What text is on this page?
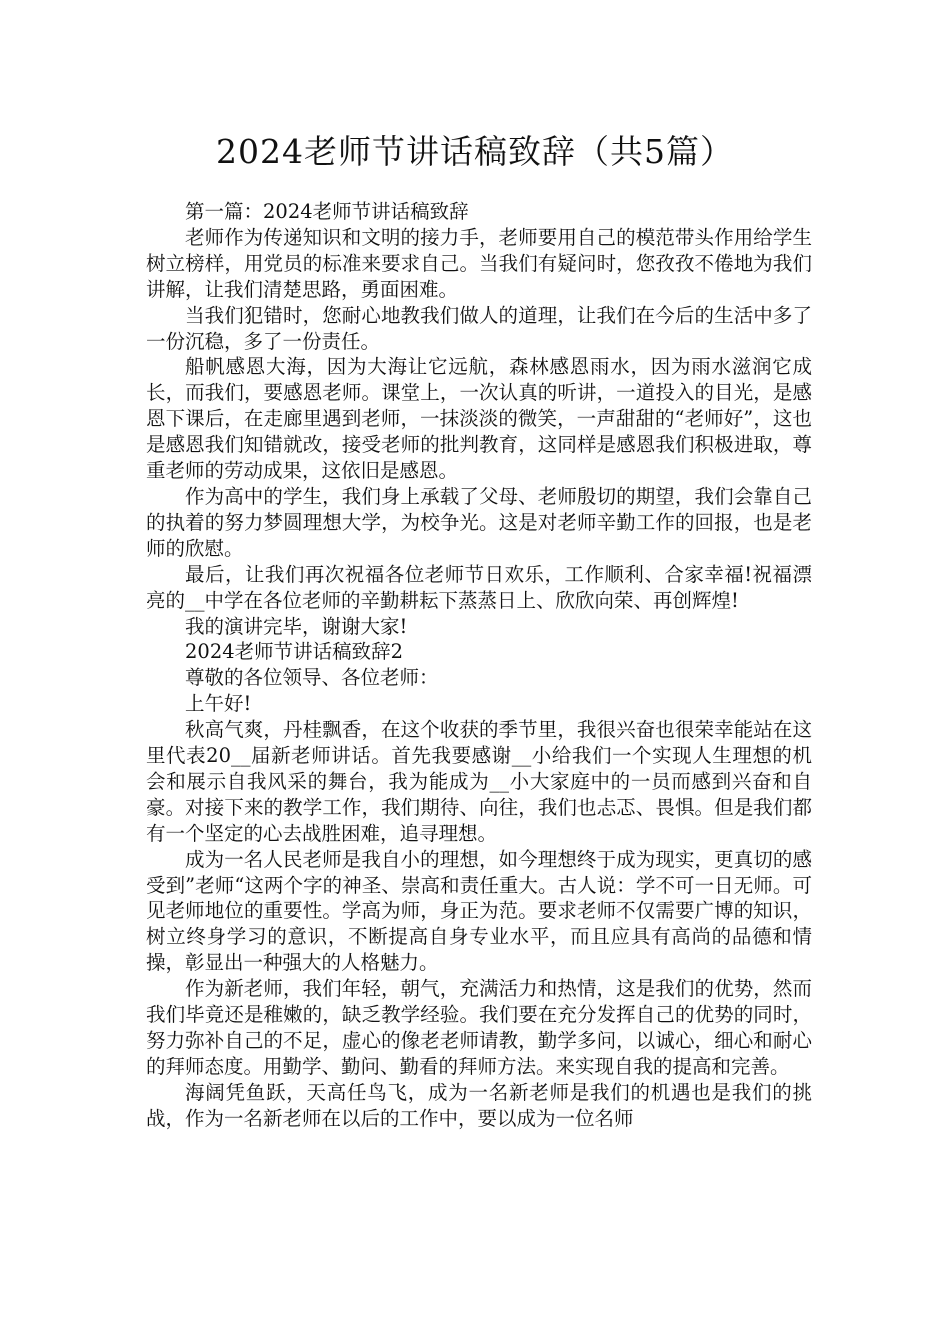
2024老师节讲话稿致辞（共5篇）

第一篇：2024老师节讲话稿致辞

老师作为传递知识和文明的接力手，老师要用自己的模范带头作用给学生树立榜样，用党员的标准来要求自己。当我们有疑问时，您孜孜不倦地为我们讲解，让我们清楚思路，勇面困难。

当我们犯错时，您耐心地教我们做人的道理，让我们在今后的生活中多了一份沉稳，多了一份责任。

船帆感恩大海，因为大海让它远航，森林感恩雨水，因为雨水滋润它成长，而我们，要感恩老师。课堂上，一次认真的听讲，一道投入的目光，是感恩下课后，在走廊里遇到老师，一抹淡淡的微笑，一声甜甜的“老师好”，这也是感恩我们知错就改，接受老师的批判教育，这同样是感恩我们积极进取，尊重老师的劳动成果，这依旧是感恩。

作为高中的学生，我们身上承载了父母、老师殷切的期望，我们会靠自己的执着的努力梦圆理想大学，为校争光。这是对老师辛勤工作的回报，也是老师的欣慰。

最后，让我们再次祝福各位老师节日欢乐，工作顺利、合家幸福!祝福漂亮的__中学在各位老师的辛勤耕耘下蒸蒸日上、欣欣向荣、再创辉煌!

我的演讲完毕，谢谢大家!

2024老师节讲话稿致辞2

尊敬的各位领导、各位老师：

上午好!

秋高气爽，丹桂飘香，在这个收获的季节里，我很兴奋也很荣幸能站在这里代表20__届新老师讲话。首先我要感谢__小给我们一个实现人生理想的机会和展示自我风采的舞台，我为能成为__小大家庭中的一员而感到兴奋和自豪。对接下来的教学工作，我们期待、向往，我们也忐忑、畏惧。但是我们都有一个坚定的心去战胜困难，追寻理想。

成为一名人民老师是我自小的理想，如今理想终于成为现实，更真切的感受到”老师“这两个字的神圣、崇高和责任重大。古人说：学不可一日无师。可见老师地位的重要性。学高为师，身正为范。要求老师不仅需要广博的知识，树立终身学习的意识，不断提高自身专业水平，而且应具有高尚的品德和情操，彰显出一种强大的人格魅力。

作为新老师，我们年轻，朝气，充满活力和热情，这是我们的优势，然而我们毕竟还是稚嫩的，缺乏教学经验。我们要在充分发挥自己的优势的同时，努力弥补自己的不足，虚心的像老老师请教，勤学多问，以诚心，细心和耐心的拜师态度。用勤学、勤问、勤看的拜师方法。来实现自我的提高和完善。

海阔凭鱼跃，天高任鸟飞，成为一名新老师是我们的机遇也是我们的挑战，作为一名新老师在以后的工作中，要以成为一位名师
